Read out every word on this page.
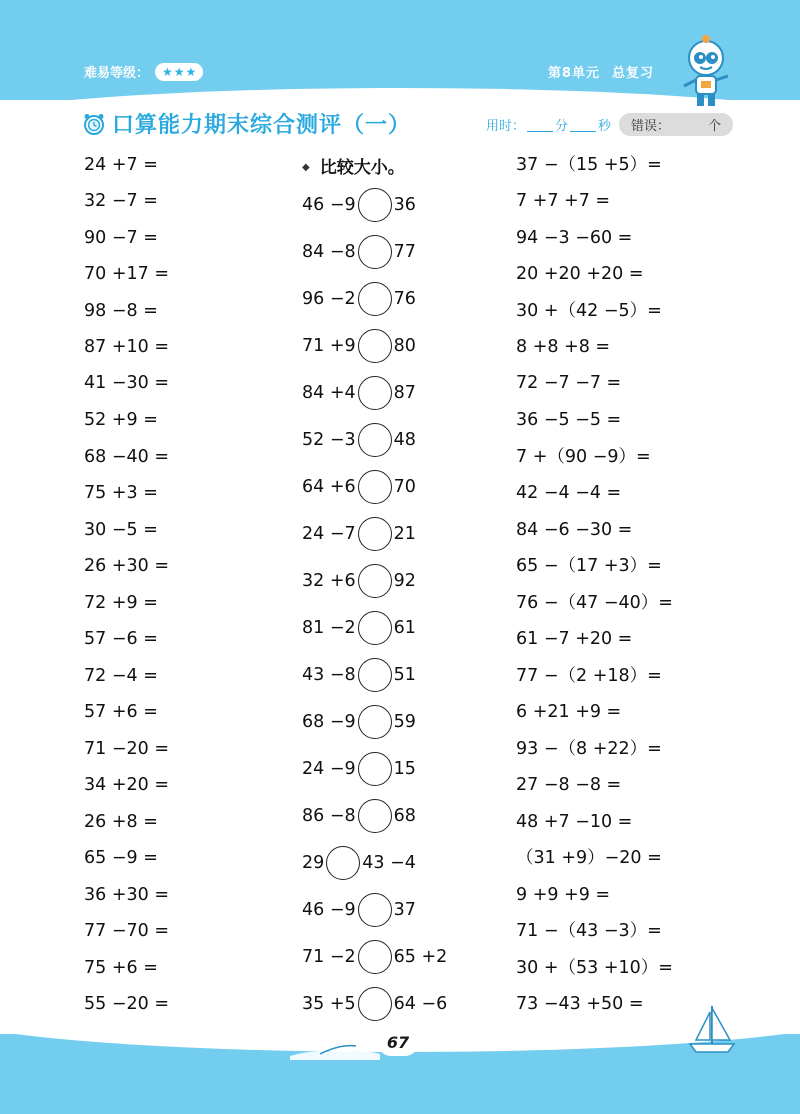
难易等级： ★ ★ ★	第8单元 总复习
口算能力期末综合测评（一）	用时： 分 秒	错误：	个
24 +7 =
32 −7 =
90 −7 =
70 +17 =
98 −8 =
87 +10 =
41 −30 =
52 +9 =
68 −40 =
75 +3 =
30 −5 =
26 +30 =
72 +9 =
57 −6 =
72 −4 =
57 +6 =
71 −20 =
34 +20 =
26 +8 =
65 −9 =
36 +30 =
77 −70 =
75 +6 =
55 −20 =
◆ 比较大小。
46 −9 36
84 −8 77
96 −2 76
71 +9 80
84 +4 87
52 −3 48
64 +6 70
24 −7 21
32 +6 92
81 −2 61
43 −8 51
68 −9 59
24 −9 15
86 −8 68
29 43 −4
46 −9 37
71 −2 65 +2
35 +5 64 −6
37 −（15 +5）=
7 +7 +7 =
94 −3 −60 =
20 +20 +20 =
30 +（42 −5）=
8 +8 +8 =
72 −7 −7 =
36 −5 −5 =
7 +（90 −9）=
42 −4 −4 =
84 −6 −30 =
65 −（17 +3）=
76 −（47 −40）=
61 −7 +20 =
77 −（2 +18）=
6 +21 +9 =
93 −（8 +22）=
27 −8 −8 =
48 +7 −10 =
（31 +9）−20 =
9 +9 +9 =
71 −（43 −3）=
30 +（53 +10）=
73 −43 +50 =
67
